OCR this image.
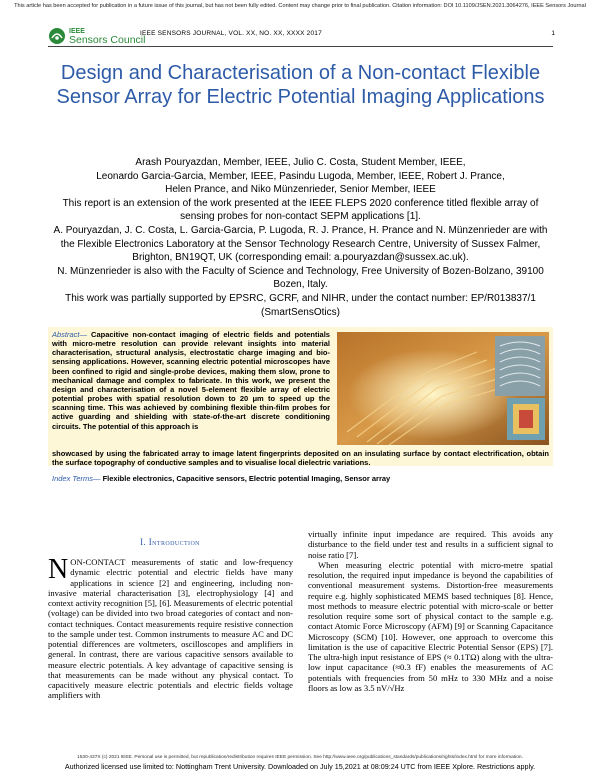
This article has been accepted for publication in a future issue of this journal, but has not been fully edited. Content may change prior to final publication. Citation information: DOI 10.1109/JSEN.2021.3064276, IEEE Sensors Journal
IEEE
Sensors Council
IEEE SENSORS JOURNAL, VOL. XX, NO. XX, XXXX 2017	1
Design and Characterisation of a Non-contact Flexible Sensor Array for Electric Potential Imaging Applications
Arash Pouryazdan, Member, IEEE, Julio C. Costa, Student Member, IEEE,
Leonardo Garcia-Garcia, Member, IEEE, Pasindu Lugoda, Member, IEEE, Robert J. Prance,
Helen Prance, and Niko Münzenrieder, Senior Member, IEEE
This report is an extension of the work presented at the IEEE FLEPS 2020 conference titled flexible array of sensing probes for non-contact SEPM applications [1].
A. Pouryazdan, J. C. Costa, L. Garcia-Garcia, P. Lugoda, R. J. Prance, H. Prance and N. Münzenrieder are with the Flexible Electronics Laboratory at the Sensor Technology Research Centre, University of Sussex Falmer, Brighton, BN19QT, UK (corresponding email: a.pouryazdan@sussex.ac.uk).
N. Münzenrieder is also with the Faculty of Science and Technology, Free University of Bozen-Bolzano, 39100 Bozen, Italy.
This work was partially supported by EPSRC, GCRF, and NIHR, under the contact number: EP/R013837/1 (SmartSensOtics)
Abstract— Capacitive non-contact imaging of electric fields and potentials with micro-metre resolution can provide relevant insights into material characterisation, structural analysis, electrostatic charge imaging and bio-sensing applications. However, scanning electric potential microscopes have been confined to rigid and single-probe devices, making them slow, prone to mechanical damage and complex to fabricate. In this work, we present the design and characterisation of a novel 5-element flexible array of electric potential probes with spatial resolution down to 20 μm to speed up the scanning time. This was achieved by combining flexible thin-film probes for active guarding and shielding with state-of-the-art discrete conditioning circuits. The potential of this approach is
showcased by using the fabricated array to image latent fingerprints deposited on an insulating surface by contact electrification, obtain the surface topography of conductive samples and to visualise local dielectric variations.
Index Terms— Flexible electronics, Capacitive sensors, Electric potential Imaging, Sensor array
I. Introduction
NON-CONTACT measurements of static and low-frequency dynamic electric potential and electric fields have many applications in science [2] and engineering, including non-invasive material characterisation [3], electrophysiology [4] and context activity recognition [5], [6]. Measurements of electric potential (voltage) can be divided into two broad categories of contact and non-contact techniques. Contact measurements require resistive connection to the sample under test. Common instruments to measure AC and DC potential differences are voltmeters, oscilloscopes and amplifiers in general. In contrast, there are various capacitive sensors available to measure electric potentials. A key advantage of capacitive sensing is that measurements can be made without any physical contact. To capacitively measure electric potentials and electric fields voltage amplifiers with

virtually infinite input impedance are required. This avoids any disturbance to the field under test and results in a sufficient signal to noise ratio [7].

When measuring electric potential with micro-metre spatial resolution, the required input impedance is beyond the capabilities of conventional measurement systems. Distortion-free measurements require e.g. highly sophisticated MEMS based techniques [8]. Hence, most methods to measure electric potential with micro-scale or better resolution require some sort of physical contact to the sample e.g. contact Atomic Force Microscopy (AFM) [9] or Scanning Capacitance Microscopy (SCM) [10]. However, one approach to overcome this limitation is the use of capacitive Electric Potential Sensor (EPS) [7]. The ultra-high input resistance of EPS (≈ 0.1TΩ) along with the ultra-low input capacitance (≈0.3 fF) enables the measurements of AC potentials with frequencies from 50 mHz to 330 MHz and a noise floors as low as 3.5 nV/√Hz

1530-437X (c) 2021 IEEE. Personal use is permitted, but republication/redistribution requires IEEE permission. See http://www.ieee.org/publications_standards/publications/rights/index.html for more information.
Authorized licensed use limited to: Nottingham Trent University. Downloaded on July 15,2021 at 08:09:24 UTC from IEEE Xplore. Restrictions apply.
